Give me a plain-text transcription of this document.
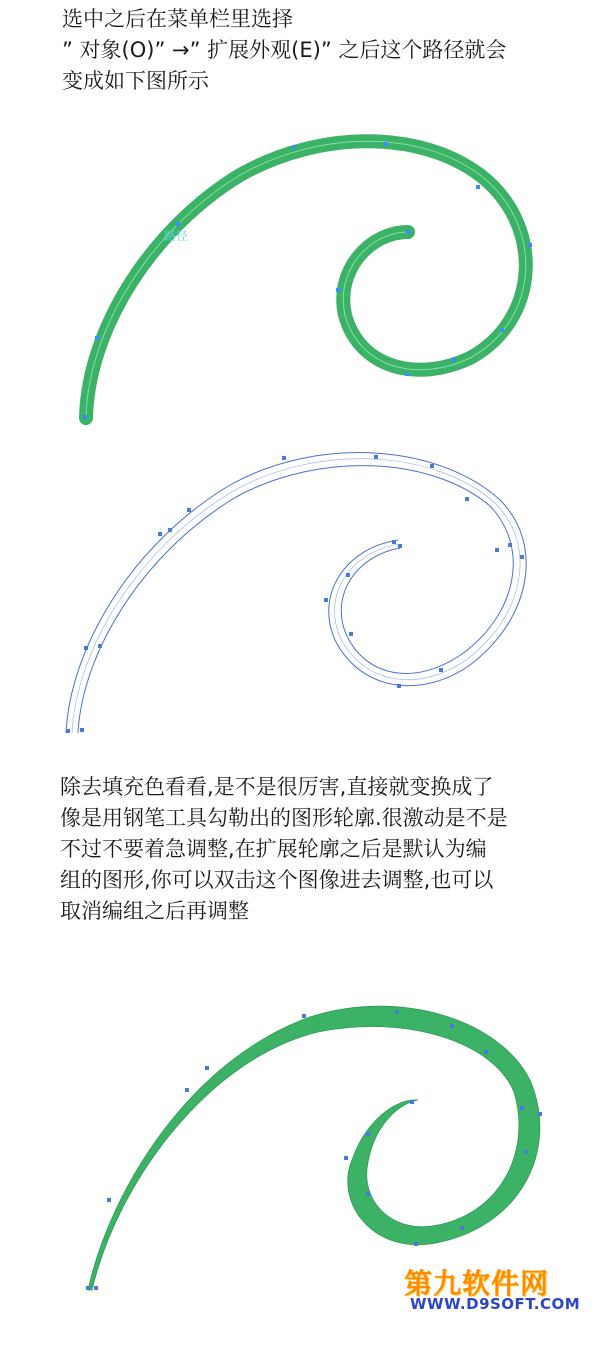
选中之后在菜单栏里选择

” 对象(O)” →” 扩展外观(E)” 之后这个路径就会

变成如下图所示

路径

除去填充色看看,是不是很厉害,直接就变换成了

像是用钢笔工具勾勒出的图形轮廓.很激动是不是

不过不要着急调整,在扩展轮廓之后是默认为编

组的图形,你可以双击这个图像进去调整,也可以

取消编组之后再调整

第九软件网
WWW.D9SOFT.COM
